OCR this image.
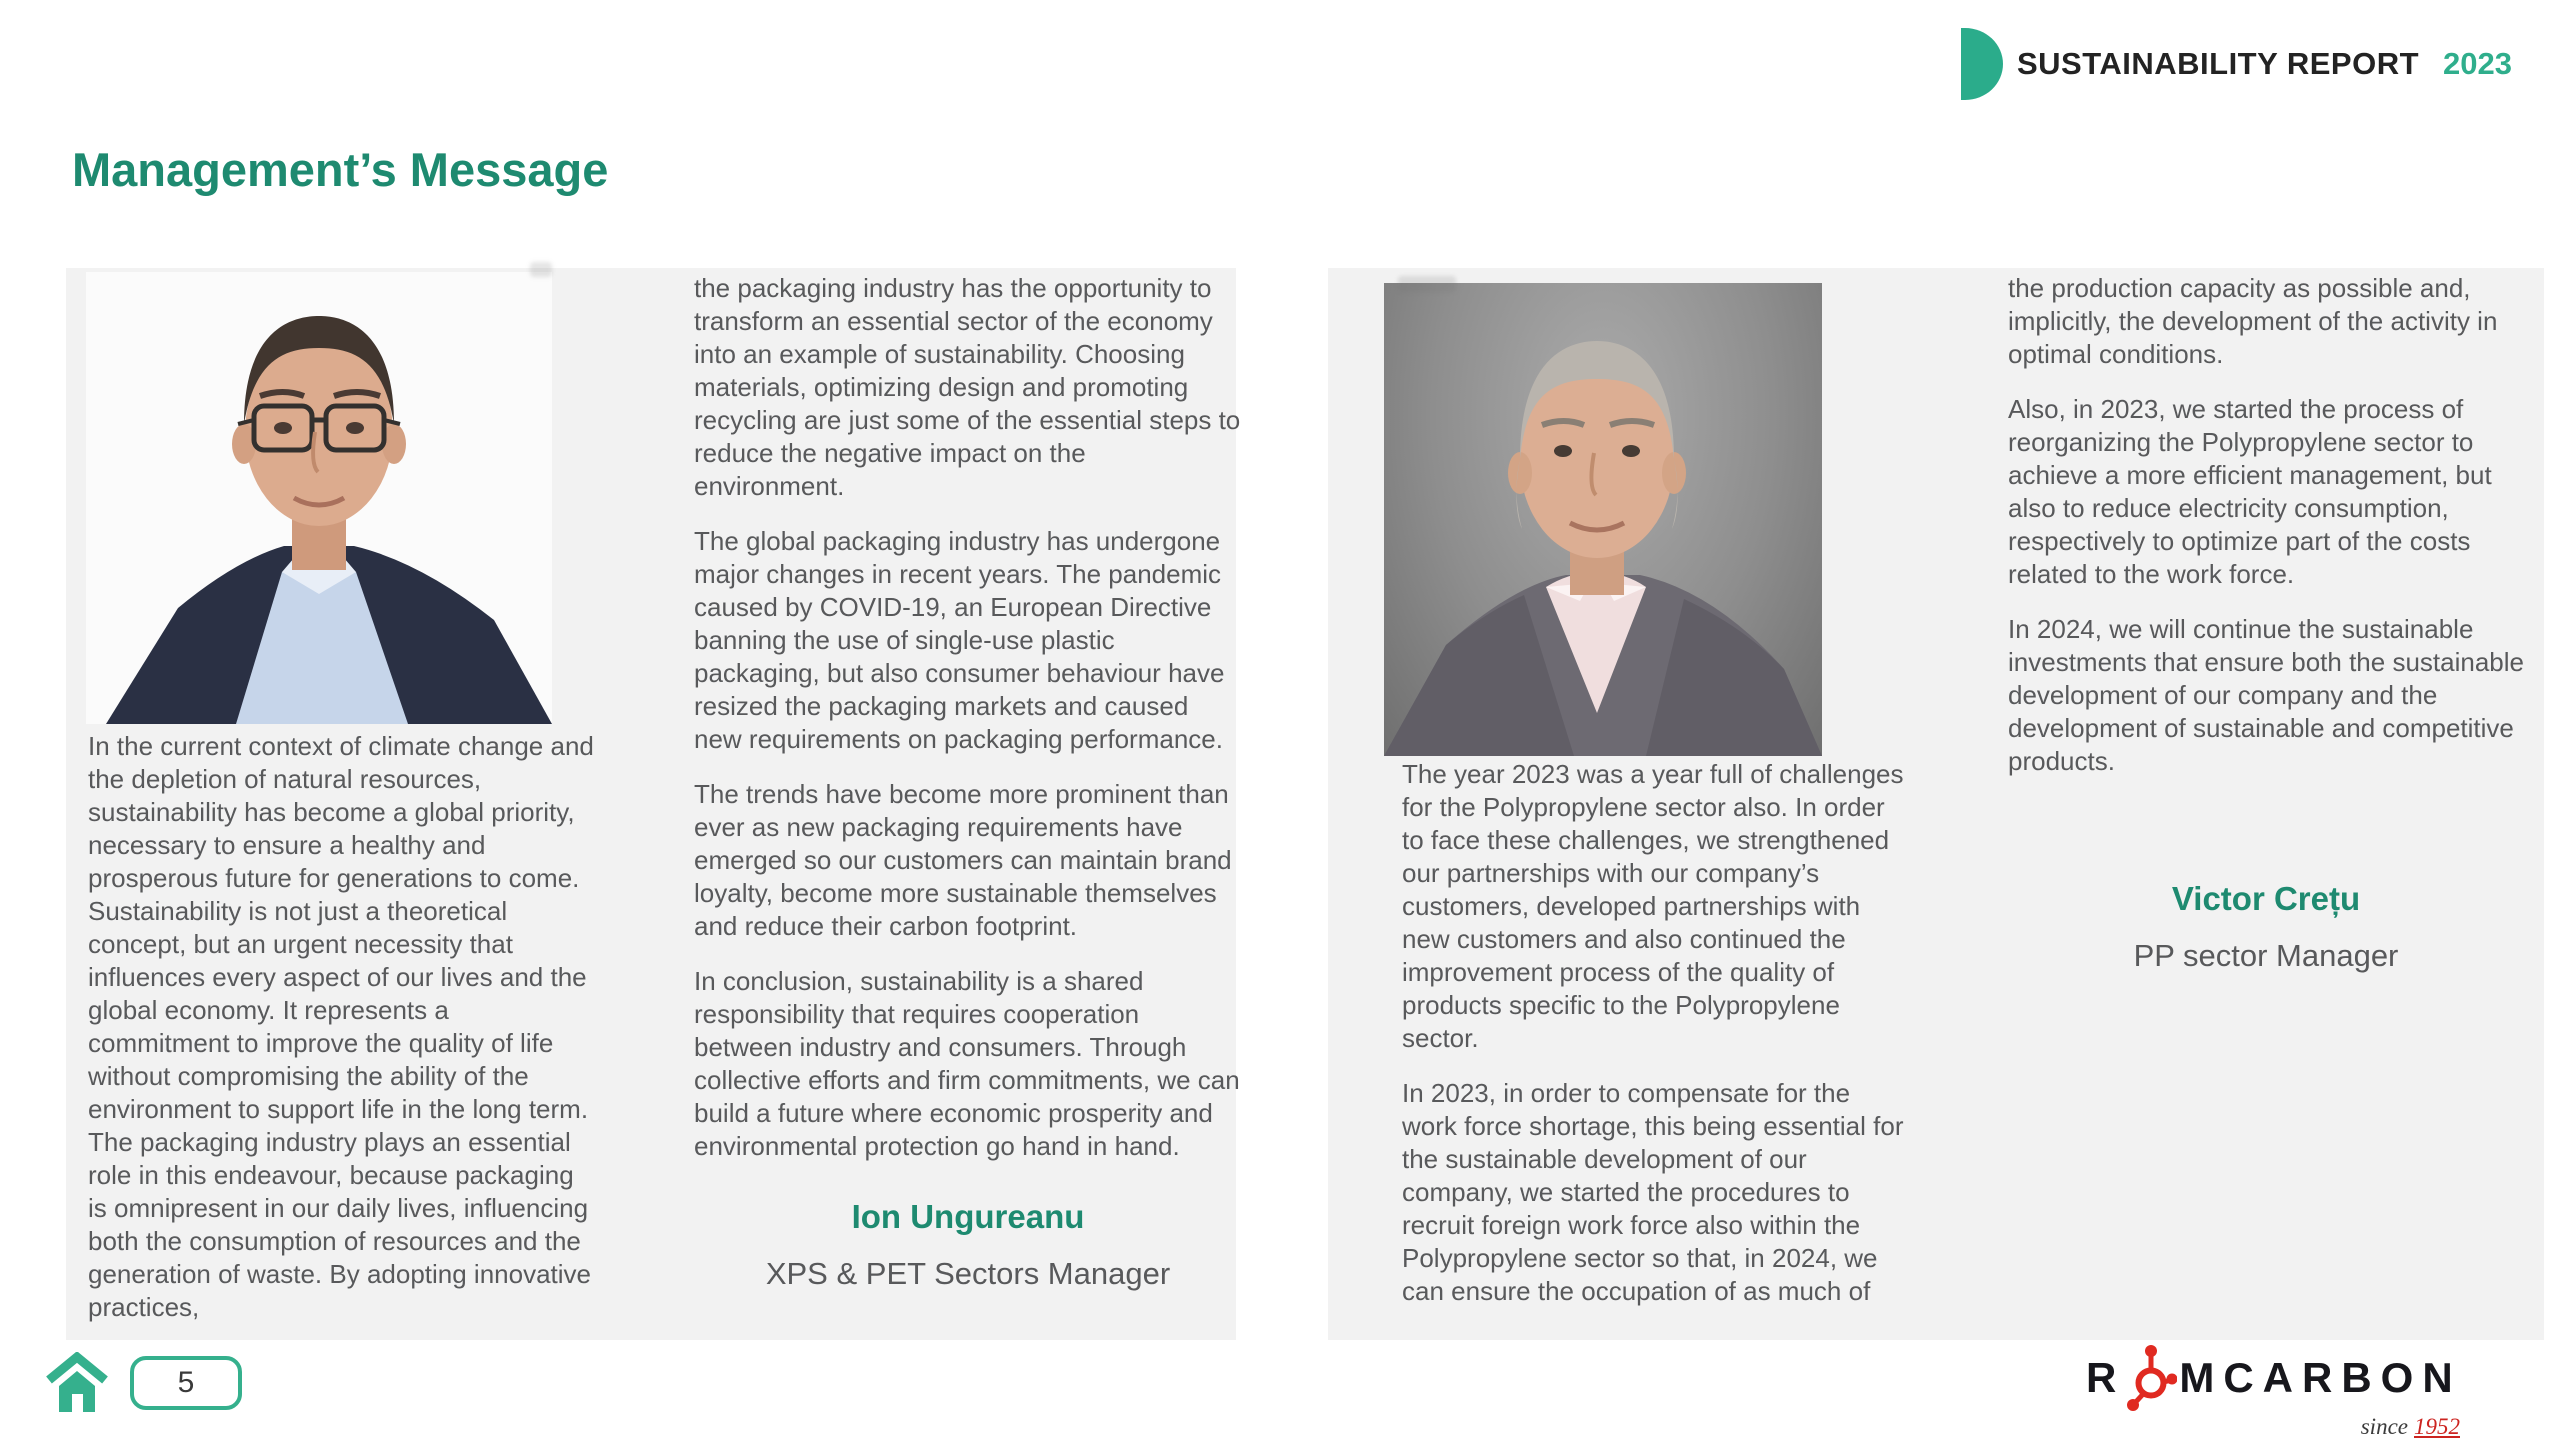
SUSTAINABILITY REPORT 2023
Management’s Message

In the current context of climate change and the depletion of natural resources, sustainability has become a global priority, necessary to ensure a healthy and prosperous future for generations to come. Sustainability is not just a theoretical concept, but an urgent necessity that influences every aspect of our lives and the global economy. It represents a commitment to improve the quality of life without compromising the ability of the environment to support life in the long term. The packaging industry plays an essential role in this endeavour, because packaging is omnipresent in our daily lives, influencing both the consumption of resources and the generation of waste. By adopting innovative practices,

the packaging industry has the opportunity to transform an essential sector of the economy into an example of sustainability. Choosing materials, optimizing design and promoting recycling are just some of the essential steps to reduce the negative impact on the environment.

The global packaging industry has undergone major changes in recent years. The pandemic caused by COVID-19, an European Directive banning the use of single-use plastic packaging, but also consumer behaviour have resized the packaging markets and caused new requirements on packaging performance.

The trends have become more prominent than ever as new packaging requirements have emerged so our customers can maintain brand loyalty, become more sustainable themselves and reduce their carbon footprint.

In conclusion, sustainability is a shared responsibility that requires cooperation between industry and consumers. Through collective efforts and firm commitments, we can build a future where economic prosperity and environmental protection go hand in hand.

Ion Ungureanu

XPS & PET Sectors Manager

The year 2023 was a year full of challenges for the Polypropylene sector also. In order to face these challenges, we strengthened our partnerships with our company’s customers, developed partnerships with new customers and also continued the improvement process of the quality of products specific to the Polypropylene sector.

In 2023, in order to compensate for the work force shortage, this being essential for the sustainable development of our company, we started the procedures to recruit foreign work force also within the Polypropylene sector so that, in 2024, we can ensure the occupation of as much of

the production capacity as possible and, implicitly, the development of the activity in optimal conditions.

Also, in 2023, we started the process of reorganizing the Polypropylene sector to achieve a more efficient management, but also to reduce electricity consumption, respectively to optimize part of the costs related to the work force.

In 2024, we will continue the sustainable investments that ensure both the sustainable development of our company and the development of sustainable and competitive products.

Victor Crețu

PP sector Manager

5	R MCARBON
since 1952
